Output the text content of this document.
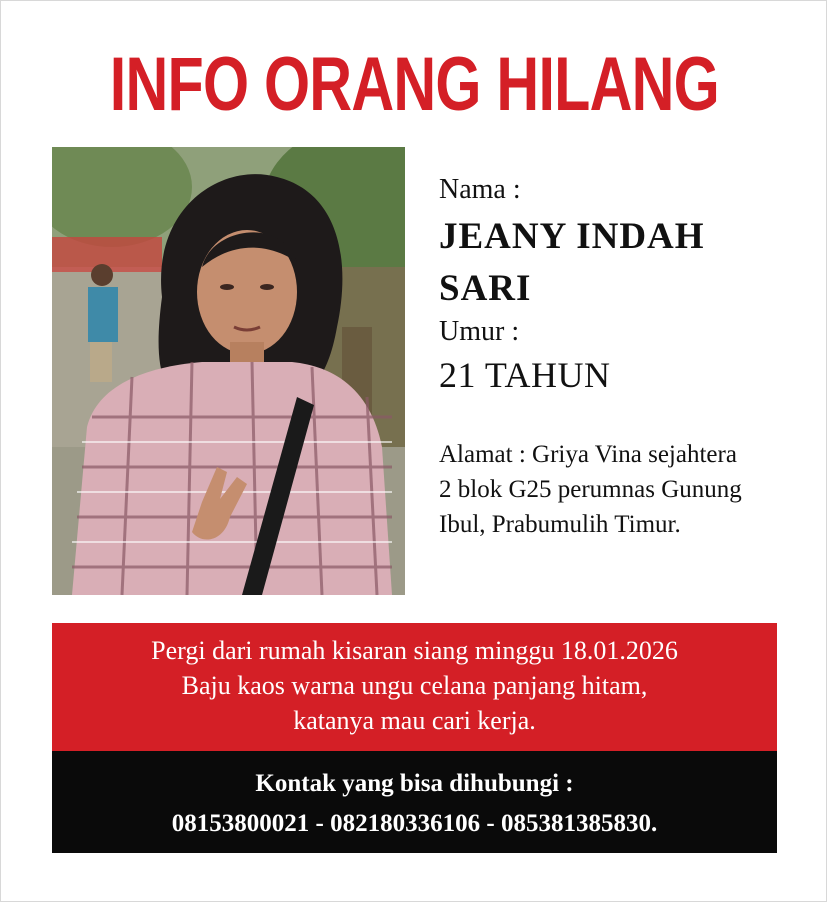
INFO ORANG HILANG
Nama :
JEANY INDAH
SARI
Umur :
21 TAHUN
Alamat : Griya Vina sejahtera
2 blok G25 perumnas Gunung
Ibul, Prabumulih Timur.
Pergi dari rumah kisaran siang minggu 18.01.2026
Baju kaos warna ungu celana panjang hitam,
katanya mau cari kerja.
Kontak yang bisa dihubungi :
08153800021 - 082180336106 - 085381385830.
